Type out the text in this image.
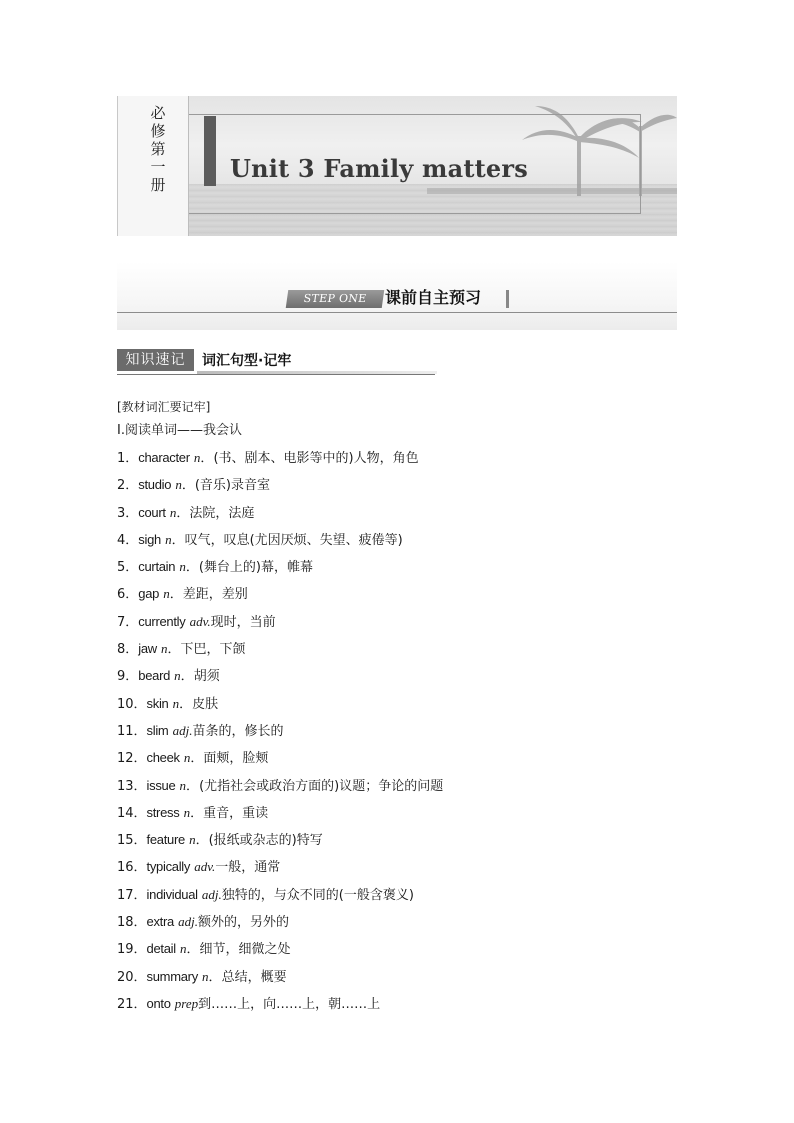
必修第一册
Unit 3 Family matters
STEP ONE	课前自主预习
知识速记	词汇句型·记牢
[教材词汇要记牢]
Ⅰ.阅读单词——我会认
1．character n．(书、剧本、电影等中的)人物，角色
2．studio n．(音乐)录音室
3．court n．法院，法庭
4．sigh n．叹气，叹息(尤因厌烦、失望、疲倦等)
5．curtain n．(舞台上的)幕，帷幕
6．gap n．差距，差别
7．currently adv.现时，当前
8．jaw n．下巴，下颌
9．beard n．胡须
10．skin n．皮肤
11．slim adj.苗条的，修长的
12．cheek n．面颊，脸颊
13．issue n．(尤指社会或政治方面的)议题；争论的问题
14．stress n．重音，重读
15．feature n．(报纸或杂志的)特写
16．typically adv.一般，通常
17．individual adj.独特的，与众不同的(一般含褒义)
18．extra adj.额外的，另外的
19．detail n．细节，细微之处
20．summary n．总结，概要
21．onto prep到……上，向……上，朝……上
